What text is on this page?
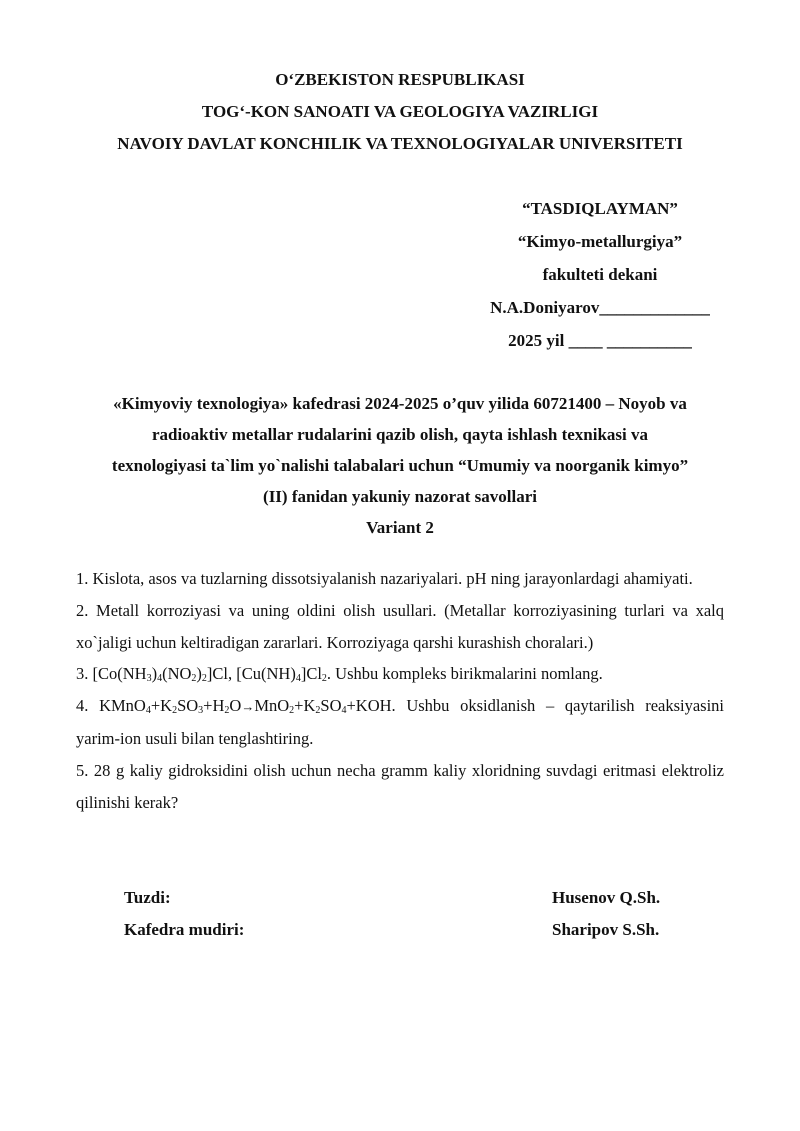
O‘ZBEKISTON RESPUBLIKASI
TOG‘-KON SANOATI VA GEOLOGIYA VAZIRLIGI
NAVOIY DAVLAT KONCHILIK VA TEXNOLOGIYALAR UNIVERSITETI
“TASDIQLAYMAN”
“Kimyo-metallurgiya”
fakulteti dekani
N.A.Doniyarov_____________
2025 yil ____ __________
«Kimyoviy texnologiya» kafedrasi 2024-2025 o’quv yilida 60721400 – Noyob va
radioaktiv metallar rudalarini qazib olish, qayta ishlash texnikasi va
texnologiyasi ta`lim yo`nalishi talabalari uchun “Umumiy va noorganik kimyo”
(II) fanidan yakuniy nazorat savollari
Variant 2

1. Kislota, asos va tuzlarning dissotsiyalanish nazariyalari. pH ning jarayonlardagi ahamiyati.

2. Metall korroziyasi va uning oldini olish usullari. (Metallar korroziyasining turlari va xalq xo`jaligi uchun keltiradigan zararlari. Korroziyaga qarshi kurashish choralari.)

3. $[Co(NH_3)_4(NO_2)_2]Cl$, $[Cu(NH)_4]Cl_2$. Ushbu kompleks birikmalarini nomlang.

4. $KMnO_4+K_2SO_3+H_2O\to MnO_2+K_2SO_4+KOH$. Ushbu oksidlanish – qaytarilish reaksiyasini yarim-ion usuli bilan tenglashtiring.

5. 28 g kaliy gidroksidini olish uchun necha gramm kaliy xloridning suvdagi eritmasi elektroliz qilinishi kerak?

Tuzdi:	Husenov Q.Sh.
Kafedra mudiri:	Sharipov S.Sh.
